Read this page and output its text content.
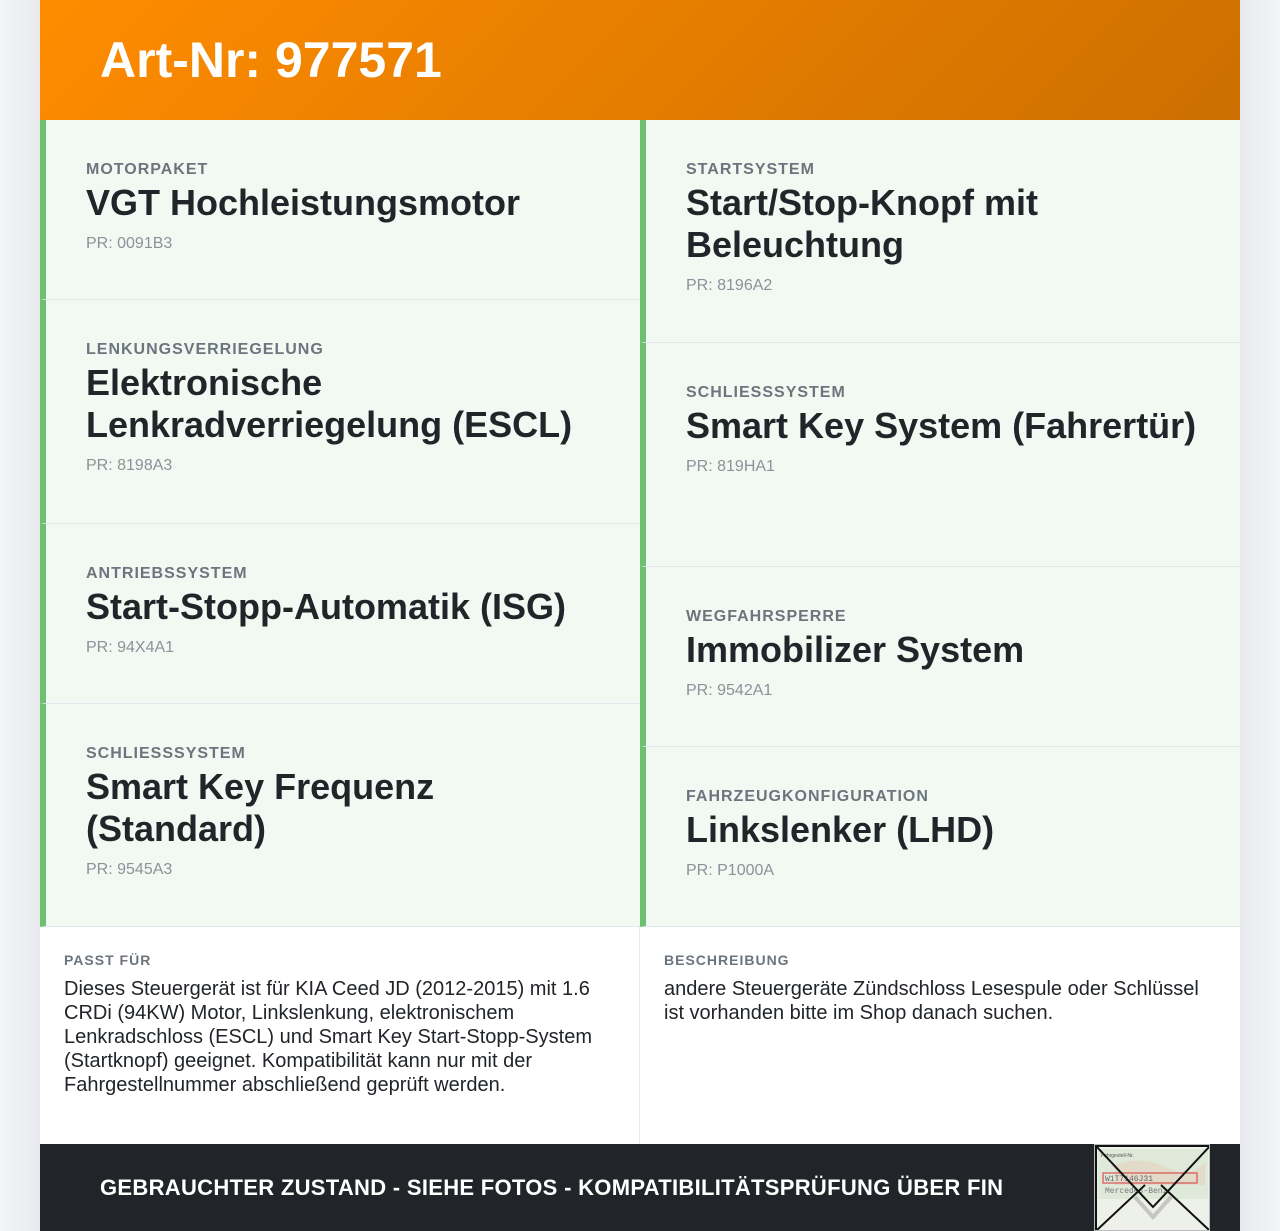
Art-Nr: 977571
MOTORPAKET
VGT Hochleistungsmotor
PR: 0091B3
LENKUNGSVERRIEGELUNG
Elektronische Lenkradverriegelung (ESCL)
PR: 8198A3
ANTRIEBSSYSTEM
Start-Stopp-Automatik (ISG)
PR: 94X4A1
SCHLIESSSYSTEM
Smart Key Frequenz (Standard)
PR: 9545A3
STARTSYSTEM
Start/Stop-Knopf mit Beleuchtung
PR: 8196A2
SCHLIESSSYSTEM
Smart Key System (Fahrertür)
PR: 819HA1
WEGFAHRSPERRE
Immobilizer System
PR: 9542A1
FAHRZEUGKONFIGURATION
Linkslenker (LHD)
PR: P1000A
PASST FÜR
Dieses Steuergerät ist für KIA Ceed JD (2012-2015) mit 1.6 CRDi (94KW) Motor, Linkslenkung, elektronischem Lenkradschloss (ESCL) und Smart Key Start-Stopp-System (Startknopf) geeignet. Kompatibilität kann nur mit der Fahrgestellnummer abschließend geprüft werden.
BESCHREIBUNG
andere Steuergeräte Zündschloss Lesespule oder Schlüssel ist vorhanden bitte im Shop danach suchen.
GEBRAUCHTER ZUSTAND - SIEHE FOTOS - KOMPATIBILITÄTSPRÜFUNG ÜBER FIN
Fahrgestell-Nr.
W1T7146J31
Mercedes-Benz
